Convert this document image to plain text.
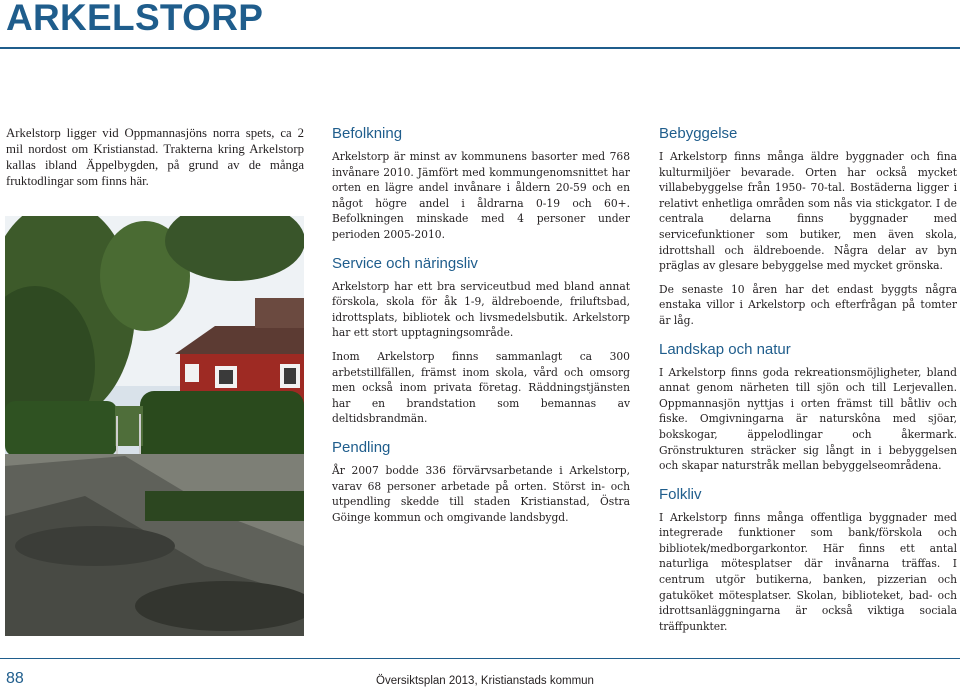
ARKELSTORP

Arkelstorp ligger vid Oppmannasjöns norra spets, ca 2 mil nordost om Kristianstad. Trakterna kring Arkelstorp kallas ibland Äppelbygden, på grund av de många fruktodlingar som finns här.

Befolkning

Arkelstorp är minst av kommunens basorter med 768 invånare 2010. Jämfört med kommungenomsnittet har orten en lägre andel invånare i åldern 20-59 och en något högre andel i åldrarna 0-19 och 60+. Befolkningen minskade med 4 personer under perioden 2005-2010.

Service och näringsliv

Arkelstorp har ett bra serviceutbud med bland annat förskola, skola för åk 1-9, äldreboende, friluftsbad, idrottsplats, bibliotek och livsmedelsbutik. Arkelstorp har ett stort upptagningsområde.

Inom Arkelstorp finns sammanlagt ca 300 arbetstillfällen, främst inom skola, vård och omsorg men också inom privata företag. Räddningstjänsten har en brandstation som bemannas av deltidsbrandmän.

Pendling

År 2007 bodde 336 förvärvsarbetande i Arkelstorp, varav 68 personer arbetade på orten. Störst in- och utpendling skedde till staden Kristianstad, Östra Göinge kommun och omgivande landsbygd.

Bebyggelse

I Arkelstorp finns många äldre byggnader och fina kulturmiljöer bevarade. Orten har också mycket villabebyggelse från 1950- 70-tal. Bostäderna ligger i relativt enhetliga områden som nås via stickgator. I de centrala delarna finns byggnader med servicefunktioner som butiker, men även skola, idrottshall och äldreboende. Några delar av byn präglas av glesare bebyggelse med mycket grönska.

De senaste 10 åren har det endast byggts några enstaka villor i Arkelstorp och efterfrågan på tomter är låg.

Landskap och natur

I Arkelstorp finns goda rekreationsmöjligheter, bland annat genom närheten till sjön och till Lerjevallen. Oppmannasjön nyttjas i orten främst till båtliv och fiske. Omgivningarna är naturskôna med sjöar, bokskogar, äppelodlingar och åkermark. Grönstrukturen sträcker sig långt in i bebyggelsen och skapar naturstråk mellan bebyggelseområdena.

Folkliv

I Arkelstorp finns många offentliga byggnader med integrerade funktioner som bank/förskola och bibliotek/medborgarkontor. Här finns ett antal naturliga mötesplatser där invånarna träffas. I centrum utgör butikerna, banken, pizzerian och gatuköket mötesplatser. Skolan, biblioteket, bad- och idrottsanläggningarna är också viktiga sociala träffpunkter.

88	Översiktsplan 2013, Kristianstads kommun
